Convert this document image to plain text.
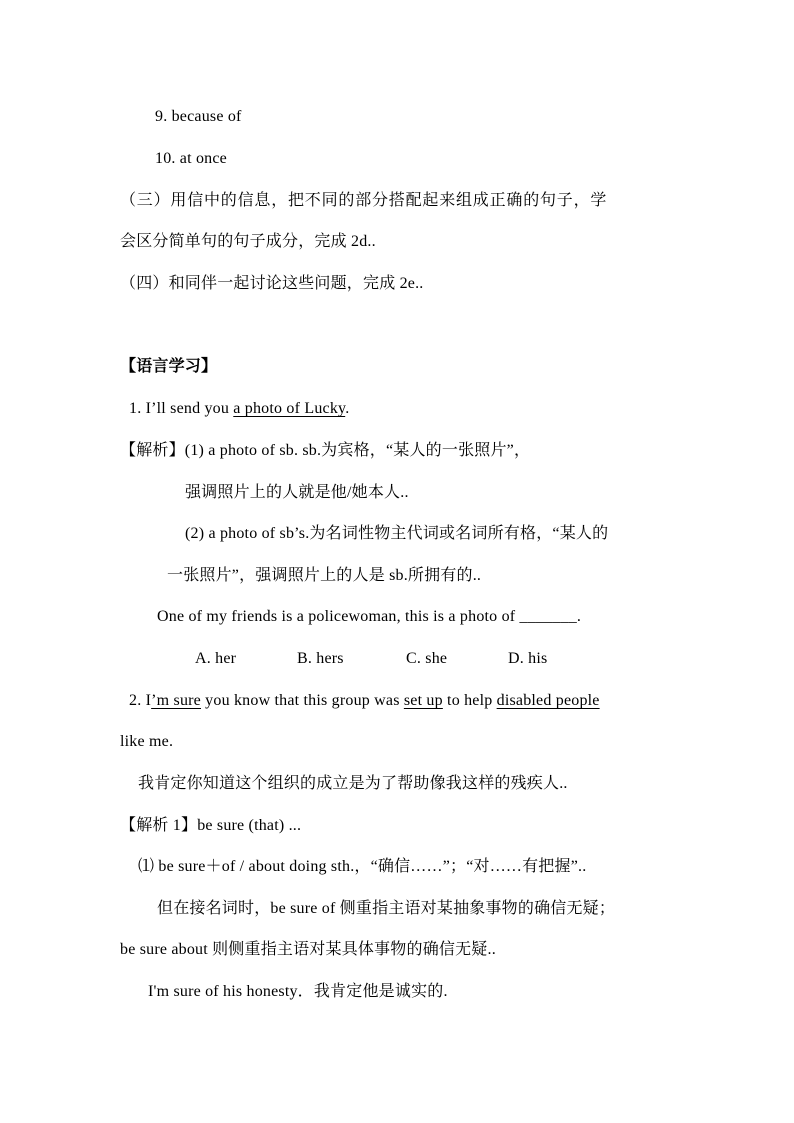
9. because of
10. at once
（三）用信中的信息，把不同的部分搭配起来组成正确的句子，学
会区分简单句的句子成分，完成 2d..
（四）和同伴一起讨论这些问题，完成 2e..
【语言学习】
1. I’ll send you a photo of Lucky.
【解析】(1) a photo of sb. sb.为宾格，“某人的一张照片”，
强调照片上的人就是他/她本人..
(2) a photo of sb’s.为名词性物主代词或名词所有格，“某人的
一张照片”，强调照片上的人是 sb.所拥有的..
One of my friends is a policewoman, this is a photo of _______.
A. her	B. hers	C. she	D. his
2. I’m sure you know that this group was set up to help disabled people
like me.
我肯定你知道这个组织的成立是为了帮助像我这样的残疾人..
【解析 1】be sure (that) ...
⑴ be sure＋of / about doing sth.，“确信……”；“对……有把握”..
但在接名词时，be sure of 侧重指主语对某抽象事物的确信无疑；
be sure about 则侧重指主语对某具体事物的确信无疑..
I'm sure of his honesty．我肯定他是诚实的.
